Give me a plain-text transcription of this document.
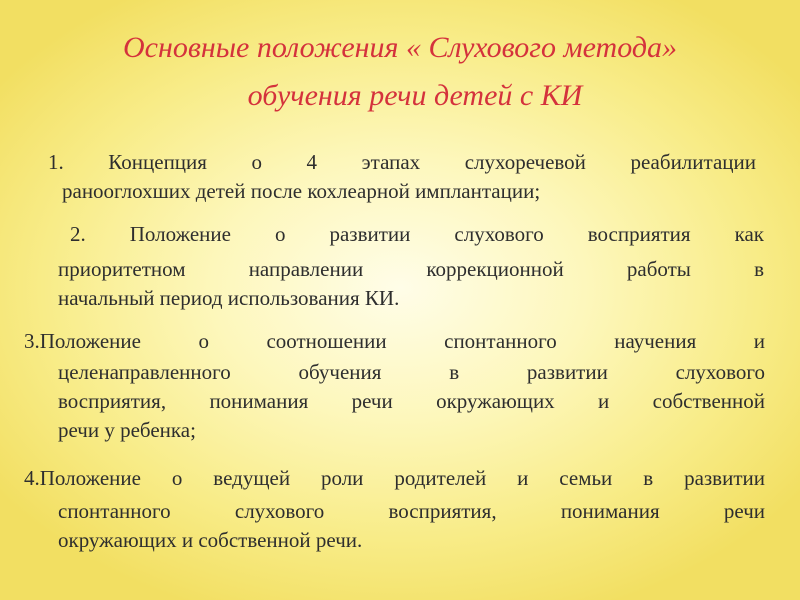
Основные положения « Слухового метода»
обучения речи детей с КИ
1. Концепция о 4 этапах слухоречевой реабилитации
ранооглохших детей после кохлеарной имплантации;
2. Положение о развитии слухового восприятия как
приоритетном направлении коррекционной работы в
начальный период использования КИ.
3.Положение о соотношении спонтанного научения и
целенаправленного обучения в развитии слухового
восприятия, понимания речи окружающих и собственной
речи у ребенка;
4.Положение о ведущей роли родителей и семьи в развитии
спонтанного слухового восприятия, понимания речи
окружающих и собственной речи.
